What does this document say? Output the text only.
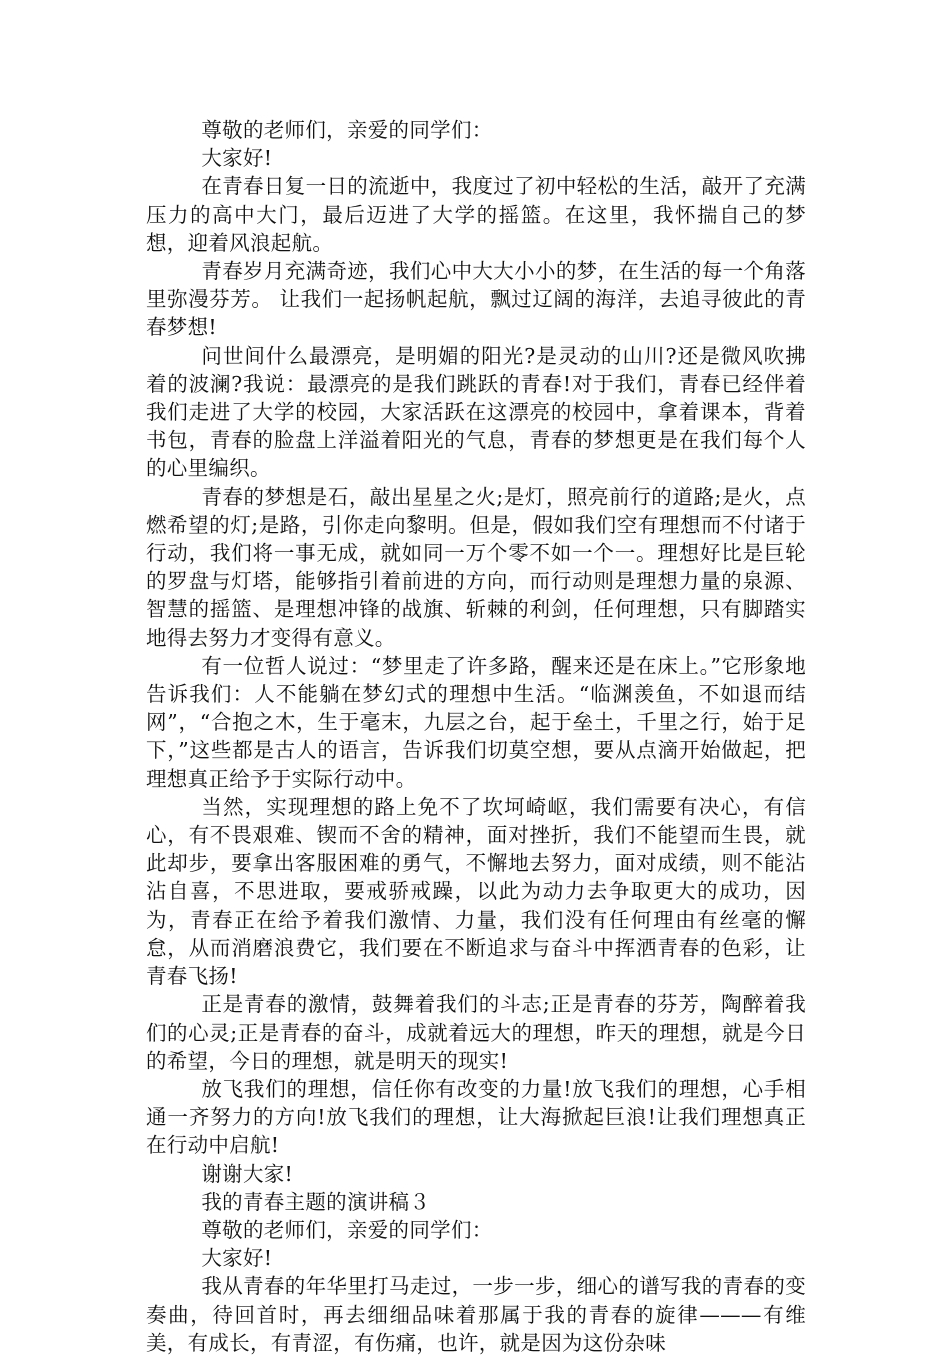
尊敬的老师们，亲爱的同学们：

大家好!

在青春日复一日的流逝中，我度过了初中轻松的生活，敲开了充满压力的高中大门，最后迈进了大学的摇篮。在这里，我怀揣自己的梦想，迎着风浪起航。

青春岁月充满奇迹，我们心中大大小小的梦，在生活的每一个角落里弥漫芬芳。 让我们一起扬帆起航，飘过辽阔的海洋，去追寻彼此的青春梦想!

问世间什么最漂亮，是明媚的阳光?是灵动的山川?还是微风吹拂着的波澜?我说：最漂亮的是我们跳跃的青春!对于我们，青春已经伴着我们走进了大学的校园，大家活跃在这漂亮的校园中，拿着课本，背着书包，青春的脸盘上洋溢着阳光的气息，青春的梦想更是在我们每个人的心里编织。

青春的梦想是石，敲出星星之火;是灯，照亮前行的道路;是火，点燃希望的灯;是路，引你走向黎明。但是，假如我们空有理想而不付诸于行动，我们将一事无成，就如同一万个零不如一个一。理想好比是巨轮的罗盘与灯塔，能够指引着前进的方向，而行动则是理想力量的泉源、智慧的摇篮、是理想冲锋的战旗、斩棘的利剑，任何理想，只有脚踏实地得去努力才变得有意义。

有一位哲人说过：“梦里走了许多路，醒来还是在床上。”它形象地告诉我们：人不能躺在梦幻式的理想中生活。“临渊羡鱼，不如退而结网”，“合抱之木，生于毫末，九层之台，起于垒土，千里之行，始于足下，”这些都是古人的语言，告诉我们切莫空想，要从点滴开始做起，把理想真正给予于实际行动中。

当然，实现理想的路上免不了坎坷崎岖，我们需要有决心，有信心，有不畏艰难、锲而不舍的精神，面对挫折，我们不能望而生畏，就此却步，要拿出客服困难的勇气，不懈地去努力，面对成绩，则不能沾沾自喜，不思进取，要戒骄戒躁，以此为动力去争取更大的成功，因为，青春正在给予着我们激情、力量，我们没有任何理由有丝毫的懈怠，从而消磨浪费它，我们要在不断追求与奋斗中挥洒青春的色彩，让青春飞扬!

正是青春的激情，鼓舞着我们的斗志;正是青春的芬芳，陶醉着我们的心灵;正是青春的奋斗，成就着远大的理想，昨天的理想，就是今日的希望，今日的理想，就是明天的现实!

放飞我们的理想，信任你有改变的力量!放飞我们的理想，心手相通一齐努力的方向!放飞我们的理想，让大海掀起巨浪!让我们理想真正在行动中启航!

谢谢大家!

我的青春主题的演讲稿３

尊敬的老师们，亲爱的同学们：

大家好!

我从青春的年华里打马走过，一步一步，细心的谱写我的青春的变奏曲，待回首时，再去细细品味着那属于我的青春的旋律———有维美，有成长，有青涩，有伤痛，也许，就是因为这份杂味
